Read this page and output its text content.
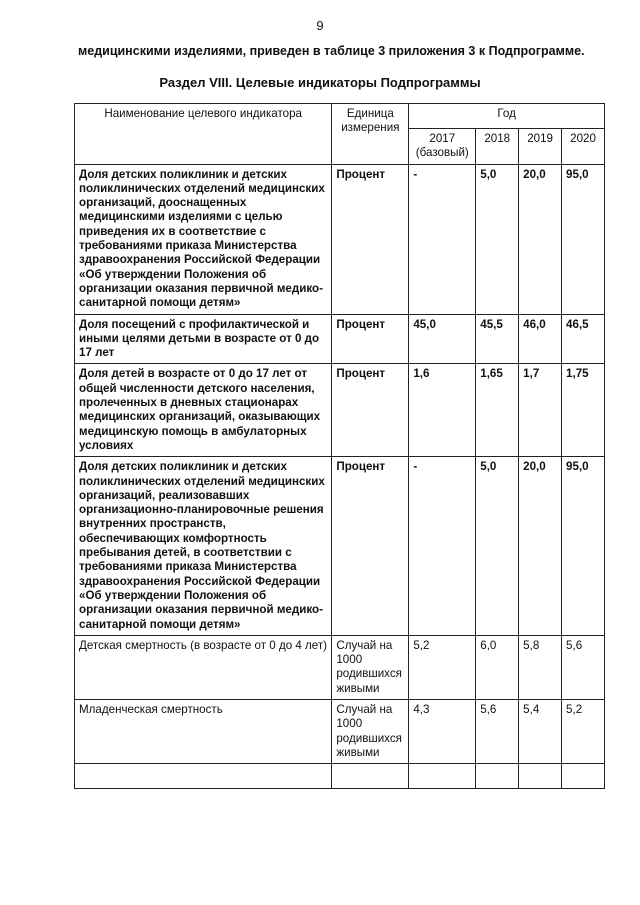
9
медицинскими изделиями, приведен в таблице 3 приложения 3 к Подпрограмме.
Раздел VIII. Целевые индикаторы Подпрограммы
Наименование целевого индикатора	Единица измерения	Год			
		2017 (базовый)	2018	2019	2020
Доля детских поликлиник и детских поликлинических отделений медицинских организаций, дооснащенных медицинскими изделиями с целью приведения их в соответствие с требованиями приказа Министерства здравоохранения Российской Федерации «Об утверждении Положения об организации оказания первичной медико-санитарной помощи детям»	Процент	-	5,0	20,0	95,0
Доля посещений с профилактической и иными целями детьми в возрасте от 0 до 17 лет	Процент	45,0	45,5	46,0	46,5
Доля детей в возрасте от 0 до 17 лет от общей численности детского населения, пролеченных в дневных стационарах медицинских организаций, оказывающих медицинскую помощь в амбулаторных условиях	Процент	1,6	1,65	1,7	1,75
Доля детских поликлиник и детских поликлинических отделений медицинских организаций, реализовавших организационно-планировочные решения внутренних пространств, обеспечивающих комфортность пребывания детей, в соответствии с требованиями приказа Министерства здравоохранения Российской Федерации «Об утверждении Положения об организации оказания первичной медико-санитарной помощи детям»	Процент	-	5,0	20,0	95,0
Детская смертность (в возрасте от 0 до 4 лет)	Случай на 1000 родившихся живыми	5,2	6,0	5,8	5,6
Младенческая смертность	Случай на 1000 родившихся живыми	4,3	5,6	5,4	5,2
